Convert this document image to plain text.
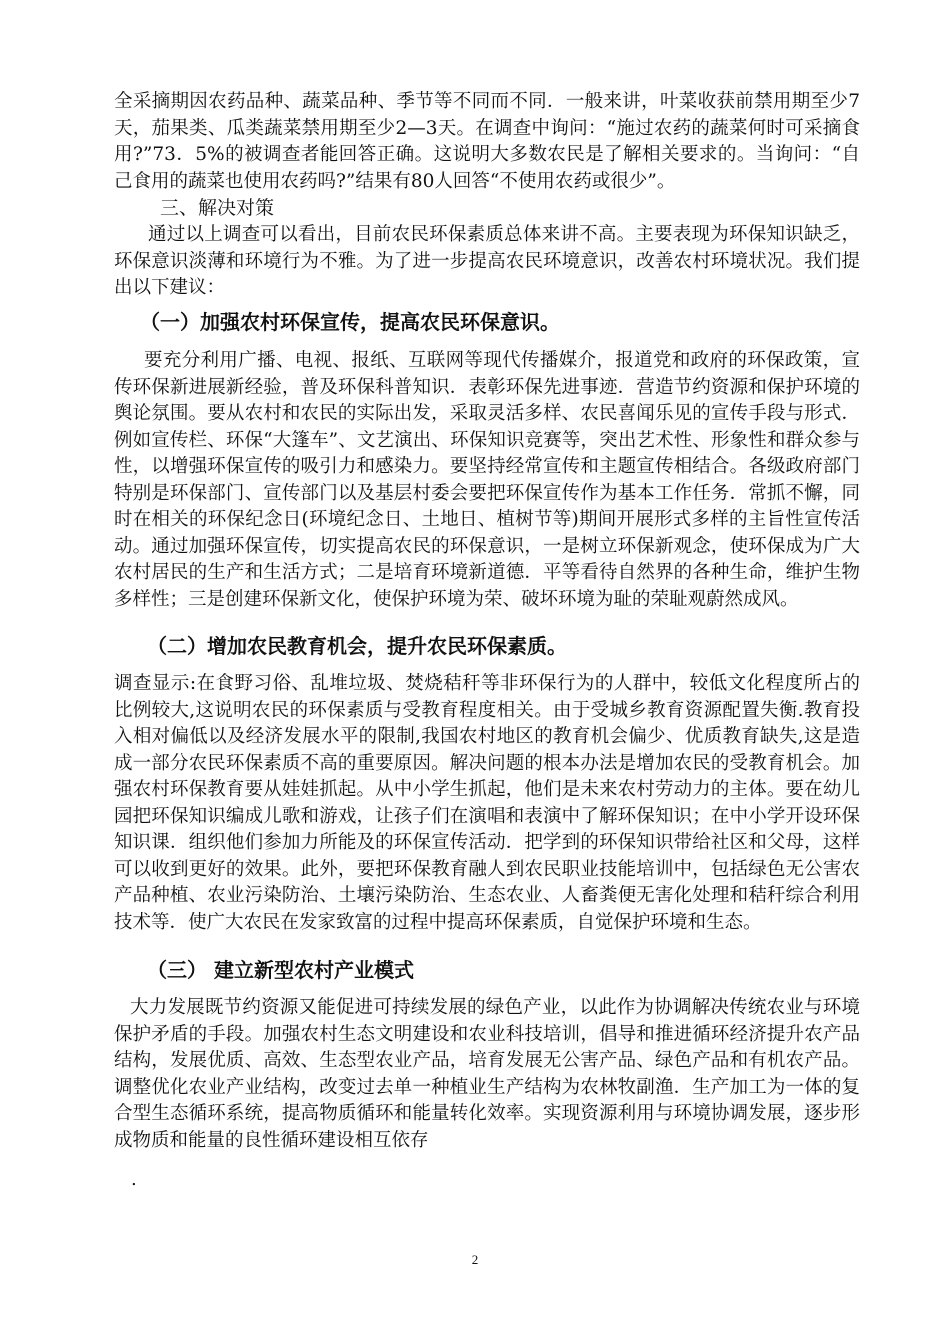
全采摘期因农药品种、蔬菜品种、季节等不同而不同．一般来讲，叶菜收获前禁用期至少7天，茄果类、瓜类蔬菜禁用期至少2—3天。在调查中询问：“施过农药的蔬菜何时可采摘食用?”73．5%的被调查者能回答正确。这说明大多数农民是了解相关要求的。当询问：“自己食用的蔬菜也使用农药吗?”结果有80人回答“不使用农药或很少”。

三、解决对策

通过以上调查可以看出，目前农民环保素质总体来讲不高。主要表现为环保知识缺乏，环保意识淡薄和环境行为不雅。为了进一步提高农民环境意识，改善农村环境状况。我们提出以下建议：

（一）加强农村环保宣传，提高农民环保意识。

要充分利用广播、电视、报纸、互联网等现代传播媒介，报道党和政府的环保政策，宣传环保新进展新经验，普及环保科普知识．表彰环保先进事迹．营造节约资源和保护环境的舆论氛围。要从农村和农民的实际出发，采取灵活多样、农民喜闻乐见的宣传手段与形式．例如宣传栏、环保“大篷车”、文艺演出、环保知识竞赛等，突出艺术性、形象性和群众参与性，以增强环保宣传的吸引力和感染力。要坚持经常宣传和主题宣传相结合。各级政府部门特别是环保部门、宣传部门以及基层村委会要把环保宣传作为基本工作任务．常抓不懈，同时在相关的环保纪念日(环境纪念日、土地日、植树节等)期间开展形式多样的主旨性宣传活动。通过加强环保宣传，切实提高农民的环保意识，一是树立环保新观念，使环保成为广大农村居民的生产和生活方式；二是培育环境新道德．平等看待自然界的各种生命，维护生物多样性；三是创建环保新文化，使保护环境为荣、破坏环境为耻的荣耻观蔚然成风。

（二）增加农民教育机会，提升农民环保素质。

调查显示:在食野习俗、乱堆垃圾、焚烧秸秆等非环保行为的人群中，较低文化程度所占的比例较大,这说明农民的环保素质与受教育程度相关。由于受城乡教育资源配置失衡.教育投入相对偏低以及经济发展水平的限制,我国农村地区的教育机会偏少、优质教育缺失,这是造成一部分农民环保素质不高的重要原因。解决问题的根本办法是增加农民的受教育机会。加强农村环保教育要从娃娃抓起。从中小学生抓起，他们是未来农村劳动力的主体。要在幼儿园把环保知识编成儿歌和游戏，让孩子们在演唱和表演中了解环保知识；在中小学开设环保知识课．组织他们参加力所能及的环保宣传活动．把学到的环保知识带给社区和父母，这样可以收到更好的效果。此外，要把环保教育融人到农民职业技能培训中，包括绿色无公害农产品种植、农业污染防治、土壤污染防治、生态农业、人畜粪便无害化处理和秸秆综合利用技术等．使广大农民在发家致富的过程中提高环保素质，自觉保护环境和生态。

（三） 建立新型农村产业模式

大力发展既节约资源又能促进可持续发展的绿色产业，以此作为协调解决传统农业与环境保护矛盾的手段。加强农村生态文明建设和农业科技培训，倡导和推进循环经济提升农产品结构，发展优质、高效、生态型农业产品，培育发展无公害产品、绿色产品和有机农产品。调整优化农业产业结构，改变过去单一种植业生产结构为农林牧副渔．生产加工为一体的复合型生态循环系统，提高物质循环和能量转化效率。实现资源利用与环境协调发展，逐步形成物质和能量的良性循环建设相互依存

.
2
